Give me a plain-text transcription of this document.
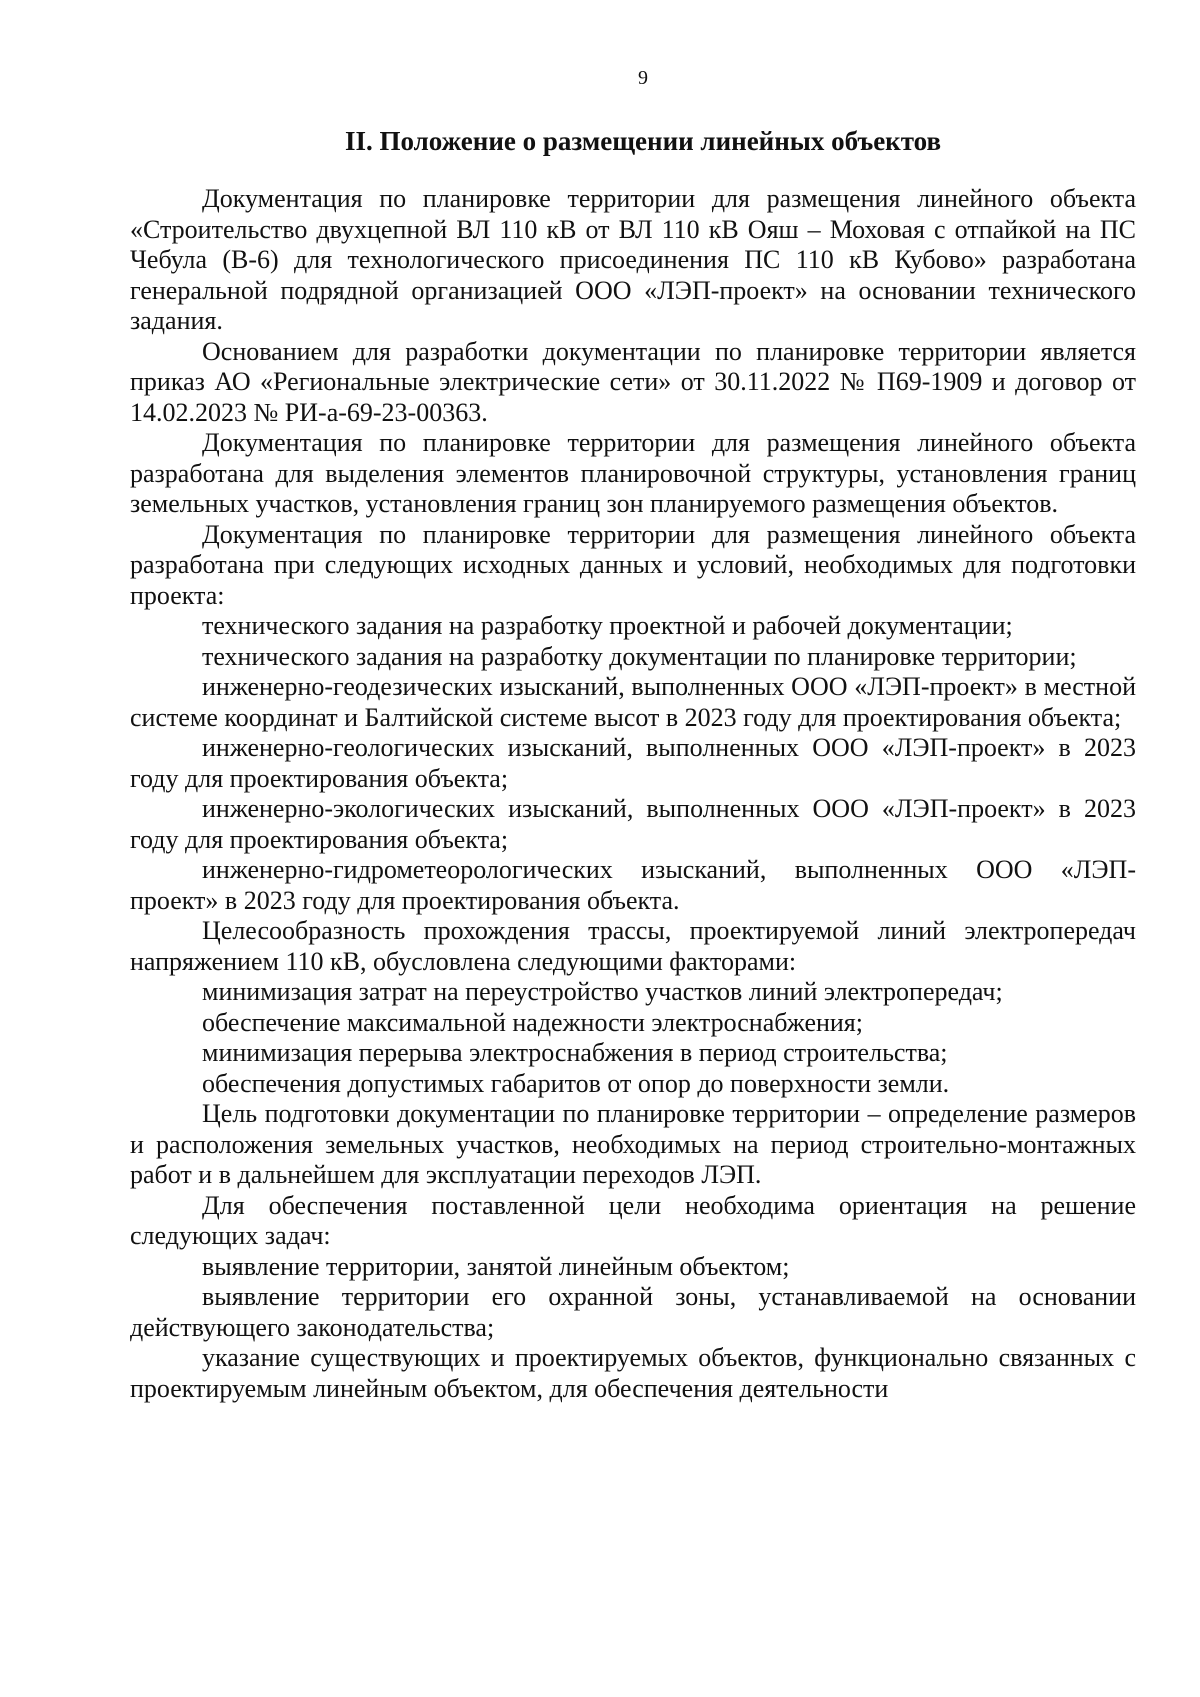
9
II. Положение о размещении линейных объектов

Документация по планировке территории для размещения линейного объекта «Строительство двухцепной ВЛ 110 кВ от ВЛ 110 кВ Ояш – Моховая с отпайкой на ПС Чебула (В-6) для технологического присоединения ПС 110 кВ Кубово» разработана генеральной подрядной организацией ООО «ЛЭП-проект» на основании технического задания.

Основанием для разработки документации по планировке территории является приказ АО «Региональные электрические сети» от 30.11.2022 № П69-1909 и договор от 14.02.2023 № РИ-а-69-23-00363.

Документация по планировке территории для размещения линейного объекта разработана для выделения элементов планировочной структуры, установления границ земельных участков, установления границ зон планируемого размещения объектов.

Документация по планировке территории для размещения линейного объекта разработана при следующих исходных данных и условий, необходимых для подготовки проекта:

технического задания на разработку проектной и рабочей документации;

технического задания на разработку документации по планировке территории;

инженерно-геодезических изысканий, выполненных ООО «ЛЭП-проект» в местной системе координат и Балтийской системе высот в 2023 году для проектирования объекта;

инженерно-геологических изысканий, выполненных ООО «ЛЭП-проект» в 2023 году для проектирования объекта;

инженерно-экологических изысканий, выполненных ООО «ЛЭП-проект» в 2023 году для проектирования объекта;

инженерно-гидрометеорологических изысканий, выполненных ООО «ЛЭП-проект» в 2023 году для проектирования объекта.

Целесообразность прохождения трассы, проектируемой линий электропередач напряжением 110 кВ, обусловлена следующими факторами:

минимизация затрат на переустройство участков линий электропередач;

обеспечение максимальной надежности электроснабжения;

минимизация перерыва электроснабжения в период строительства;

обеспечения допустимых габаритов от опор до поверхности земли.

Цель подготовки документации по планировке территории – определение размеров и расположения земельных участков, необходимых на период строительно-монтажных работ и в дальнейшем для эксплуатации переходов ЛЭП.

Для обеспечения поставленной цели необходима ориентация на решение следующих задач:

выявление территории, занятой линейным объектом;

выявление территории его охранной зоны, устанавливаемой на основании действующего законодательства;

указание существующих и проектируемых объектов, функционально связанных с проектируемым линейным объектом, для обеспечения деятельности
